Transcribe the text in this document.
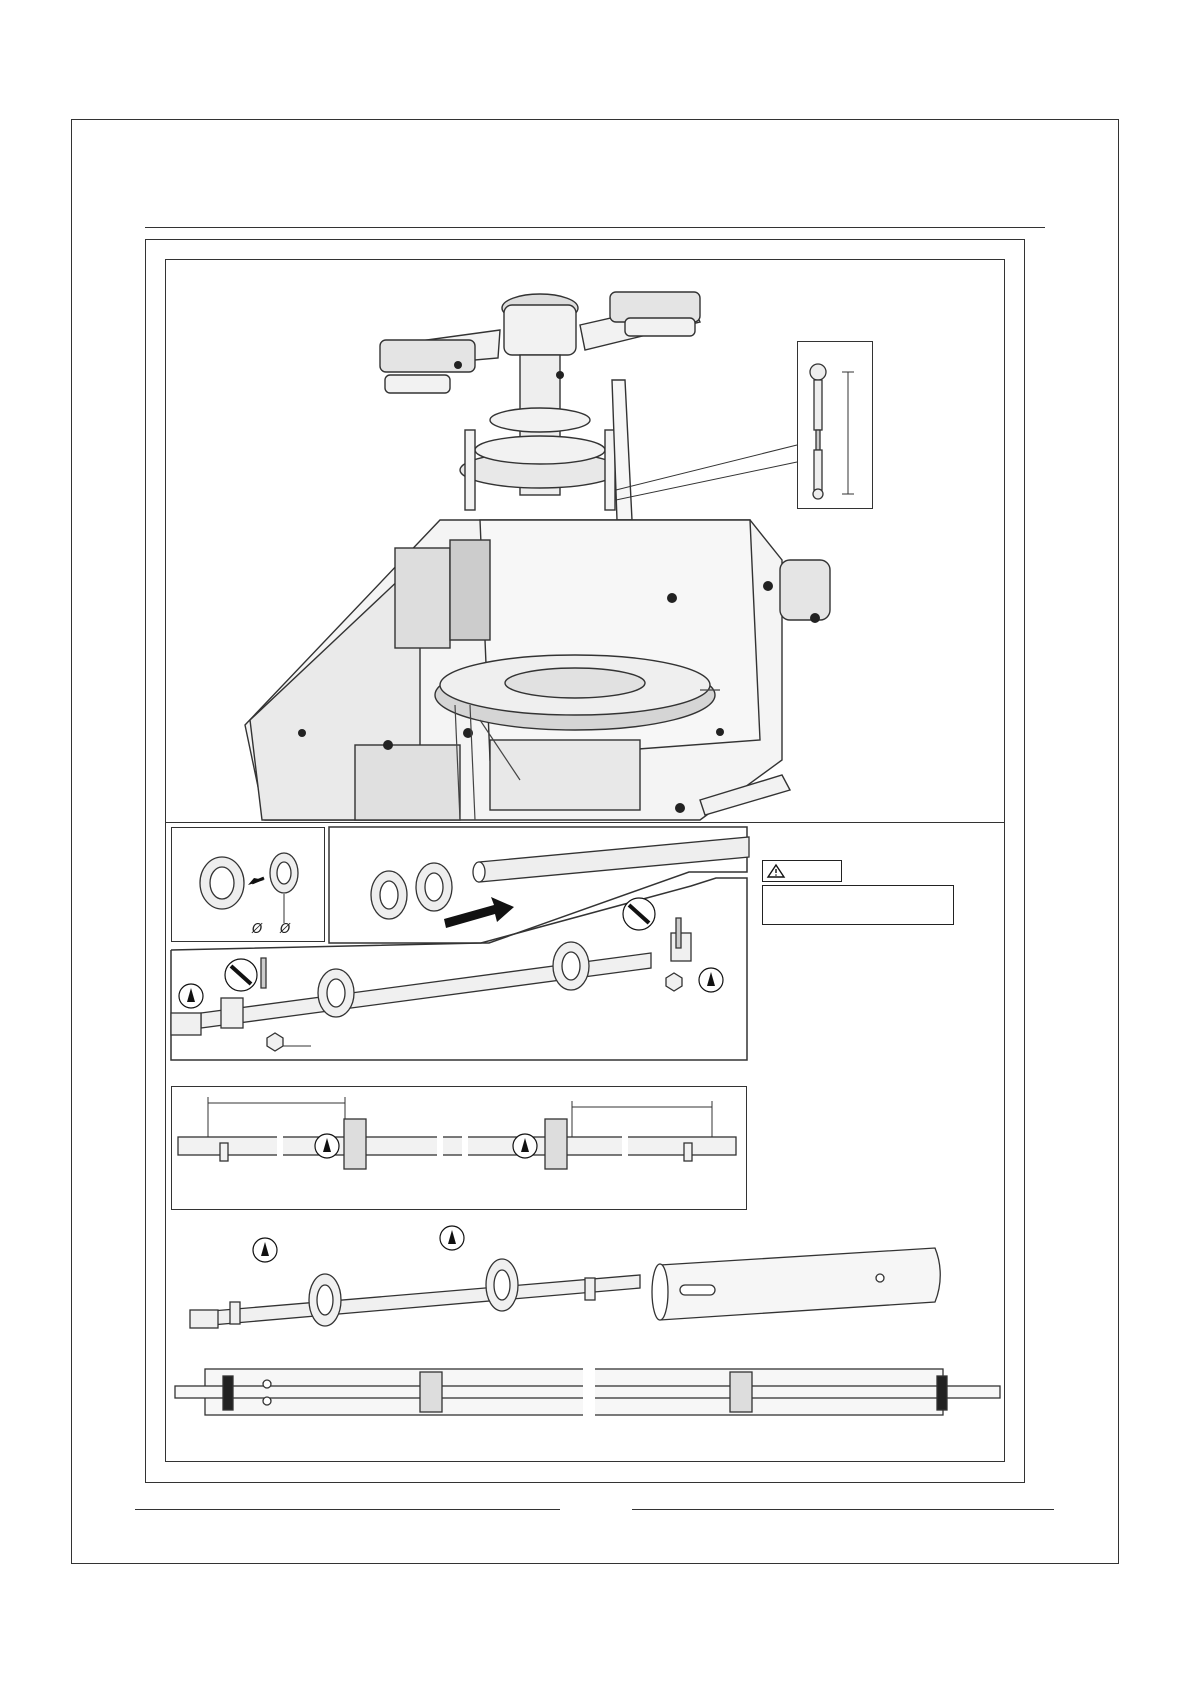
Ø Ø
